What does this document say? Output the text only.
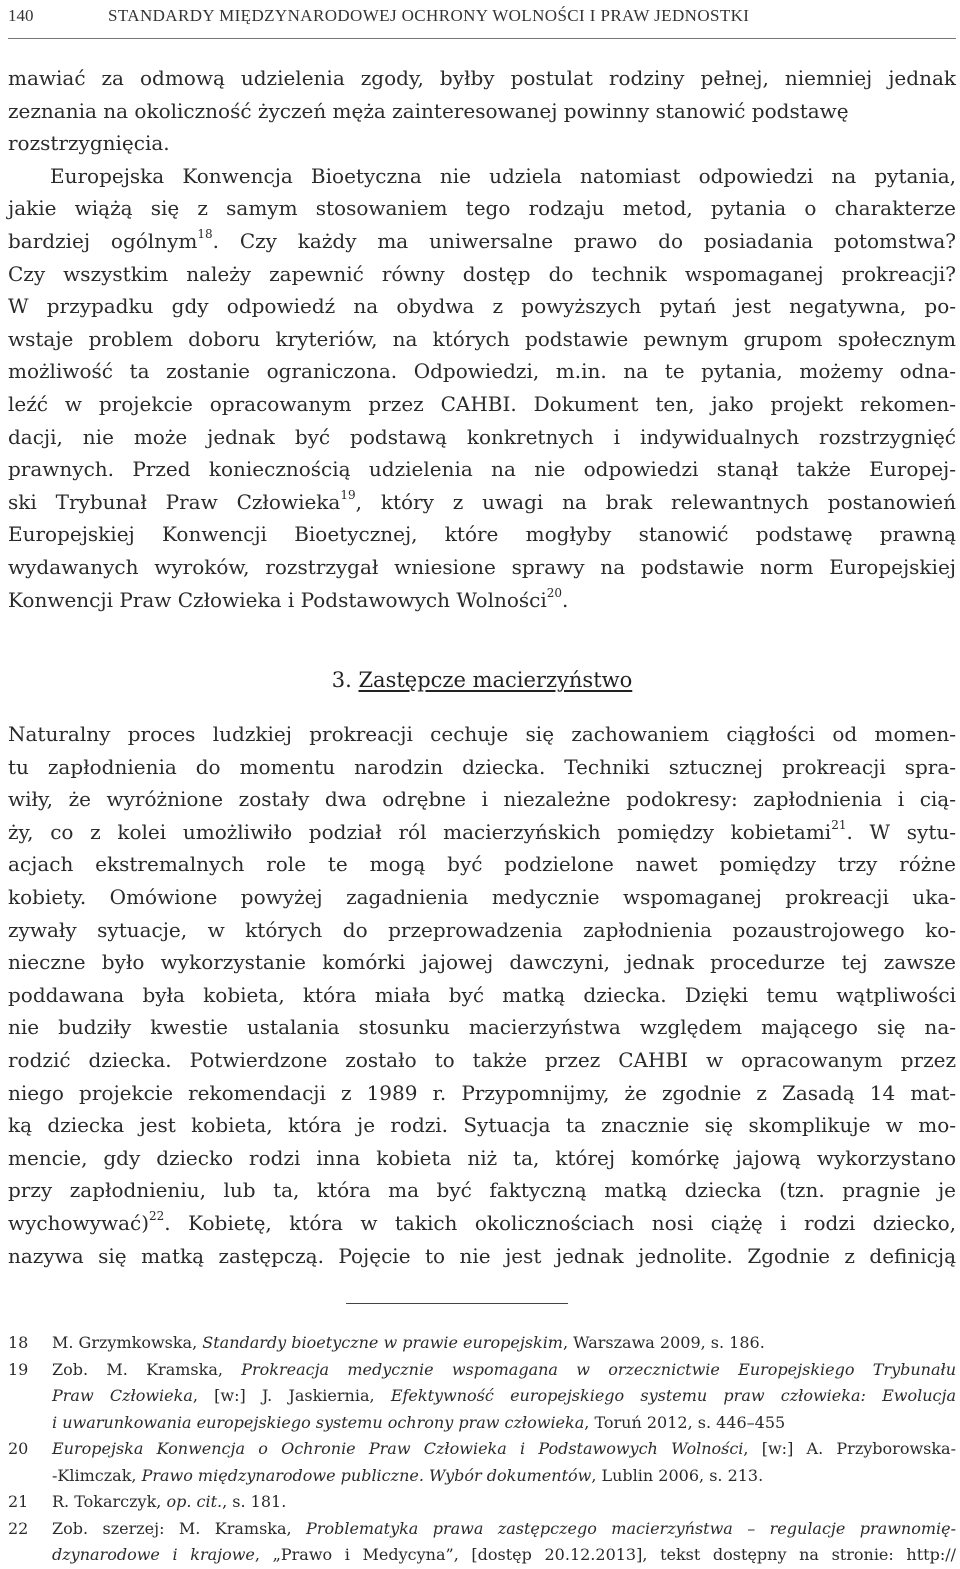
140	STANDARDY MIĘDZYNARODOWEJ OCHRONY WOLNOŚCI I PRAW JEDNOSTKI
mawiać za odmową udzielenia zgody, byłby postulat rodziny pełnej, niemniej jednak
zeznania na okoliczność życzeń męża zainteresowanej powinny stanowić podstawę
rozstrzygnięcia.
Europejska Konwencja Bioetyczna nie udziela natomiast odpowiedzi na pytania,
jakie wiążą się z samym stosowaniem tego rodzaju metod, pytania o charakterze
bardziej ogólnym$^{18}$. Czy każdy ma uniwersalne prawo do posiadania potomstwa?
Czy wszystkim należy zapewnić równy dostęp do technik wspomaganej prokreacji?
W przypadku gdy odpowiedź na obydwa z powyższych pytań jest negatywna, po-
wstaje problem doboru kryteriów, na których podstawie pewnym grupom społecznym
możliwość ta zostanie ograniczona. Odpowiedzi, m.in. na te pytania, możemy odna-
leźć w projekcie opracowanym przez CAHBI. Dokument ten, jako projekt rekomen-
dacji, nie może jednak być podstawą konkretnych i indywidualnych rozstrzygnięć
prawnych. Przed koniecznością udzielenia na nie odpowiedzi stanął także Europej-
ski Trybunał Praw Człowieka$^{19}$, który z uwagi na brak relewantnych postanowień
Europejskiej Konwencji Bioetycznej, które mogłyby stanowić podstawę prawną
wydawanych wyroków, rozstrzygał wniesione sprawy na podstawie norm Europejskiej
Konwencji Praw Człowieka i Podstawowych Wolności$^{20}$.
3. Zastępcze macierzyństwo
Naturalny proces ludzkiej prokreacji cechuje się zachowaniem ciągłości od momen-
tu zapłodnienia do momentu narodzin dziecka. Techniki sztucznej prokreacji spra-
wiły, że wyróżnione zostały dwa odrębne i niezależne podokresy: zapłodnienia i cią-
ży, co z kolei umożliwiło podział ról macierzyńskich pomiędzy kobietami$^{21}$. W sytu-
acjach ekstremalnych role te mogą być podzielone nawet pomiędzy trzy różne
kobiety. Omówione powyżej zagadnienia medycznie wspomaganej prokreacji uka-
zywały sytuacje, w których do przeprowadzenia zapłodnienia pozaustrojowego ko-
nieczne było wykorzystanie komórki jajowej dawczyni, jednak procedurze tej zawsze
poddawana była kobieta, która miała być matką dziecka. Dzięki temu wątpliwości
nie budziły kwestie ustalania stosunku macierzyństwa względem mającego się na-
rodzić dziecka. Potwierdzone zostało to także przez CAHBI w opracowanym przez
niego projekcie rekomendacji z 1989 r. Przypomnijmy, że zgodnie z Zasadą 14 mat-
ką dziecka jest kobieta, która je rodzi. Sytuacja ta znacznie się skomplikuje w mo-
mencie, gdy dziecko rodzi inna kobieta niż ta, której komórkę jajową wykorzystano
przy zapłodnieniu, lub ta, która ma być faktyczną matką dziecka (tzn. pragnie je
wychowywać)$^{22}$. Kobietę, która w takich okolicznościach nosi ciążę i rodzi dziecko,
nazywa się matką zastępczą. Pojęcie to nie jest jednak jednolite. Zgodnie z definicją
18 M. Grzymkowska, Standardy bioetyczne w prawie europejskim, Warszawa 2009, s. 186.
19 Zob. M. Kramska, Prokreacja medycznie wspomagana w orzecznictwie Europejskiego Trybunału
Praw Człowieka, [w:] J. Jaskiernia, Efektywność europejskiego systemu praw człowieka: Ewolucja
i uwarunkowania europejskiego systemu ochrony praw człowieka, Toruń 2012, s. 446–455
20 Europejska Konwencja o Ochronie Praw Człowieka i Podstawowych Wolności, [w:] A. Przyborowska-
-Klimczak, Prawo międzynarodowe publiczne. Wybór dokumentów, Lublin 2006, s. 213.
21 R. Tokarczyk, op. cit., s. 181.
22 Zob. szerzej: M. Kramska, Problematyka prawa zastępczego macierzyństwa – regulacje prawnomię-
dzynarodowe i krajowe, „Prawo i Medycyna”, [dostęp 20.12.2013], tekst dostępny na stronie: http://
